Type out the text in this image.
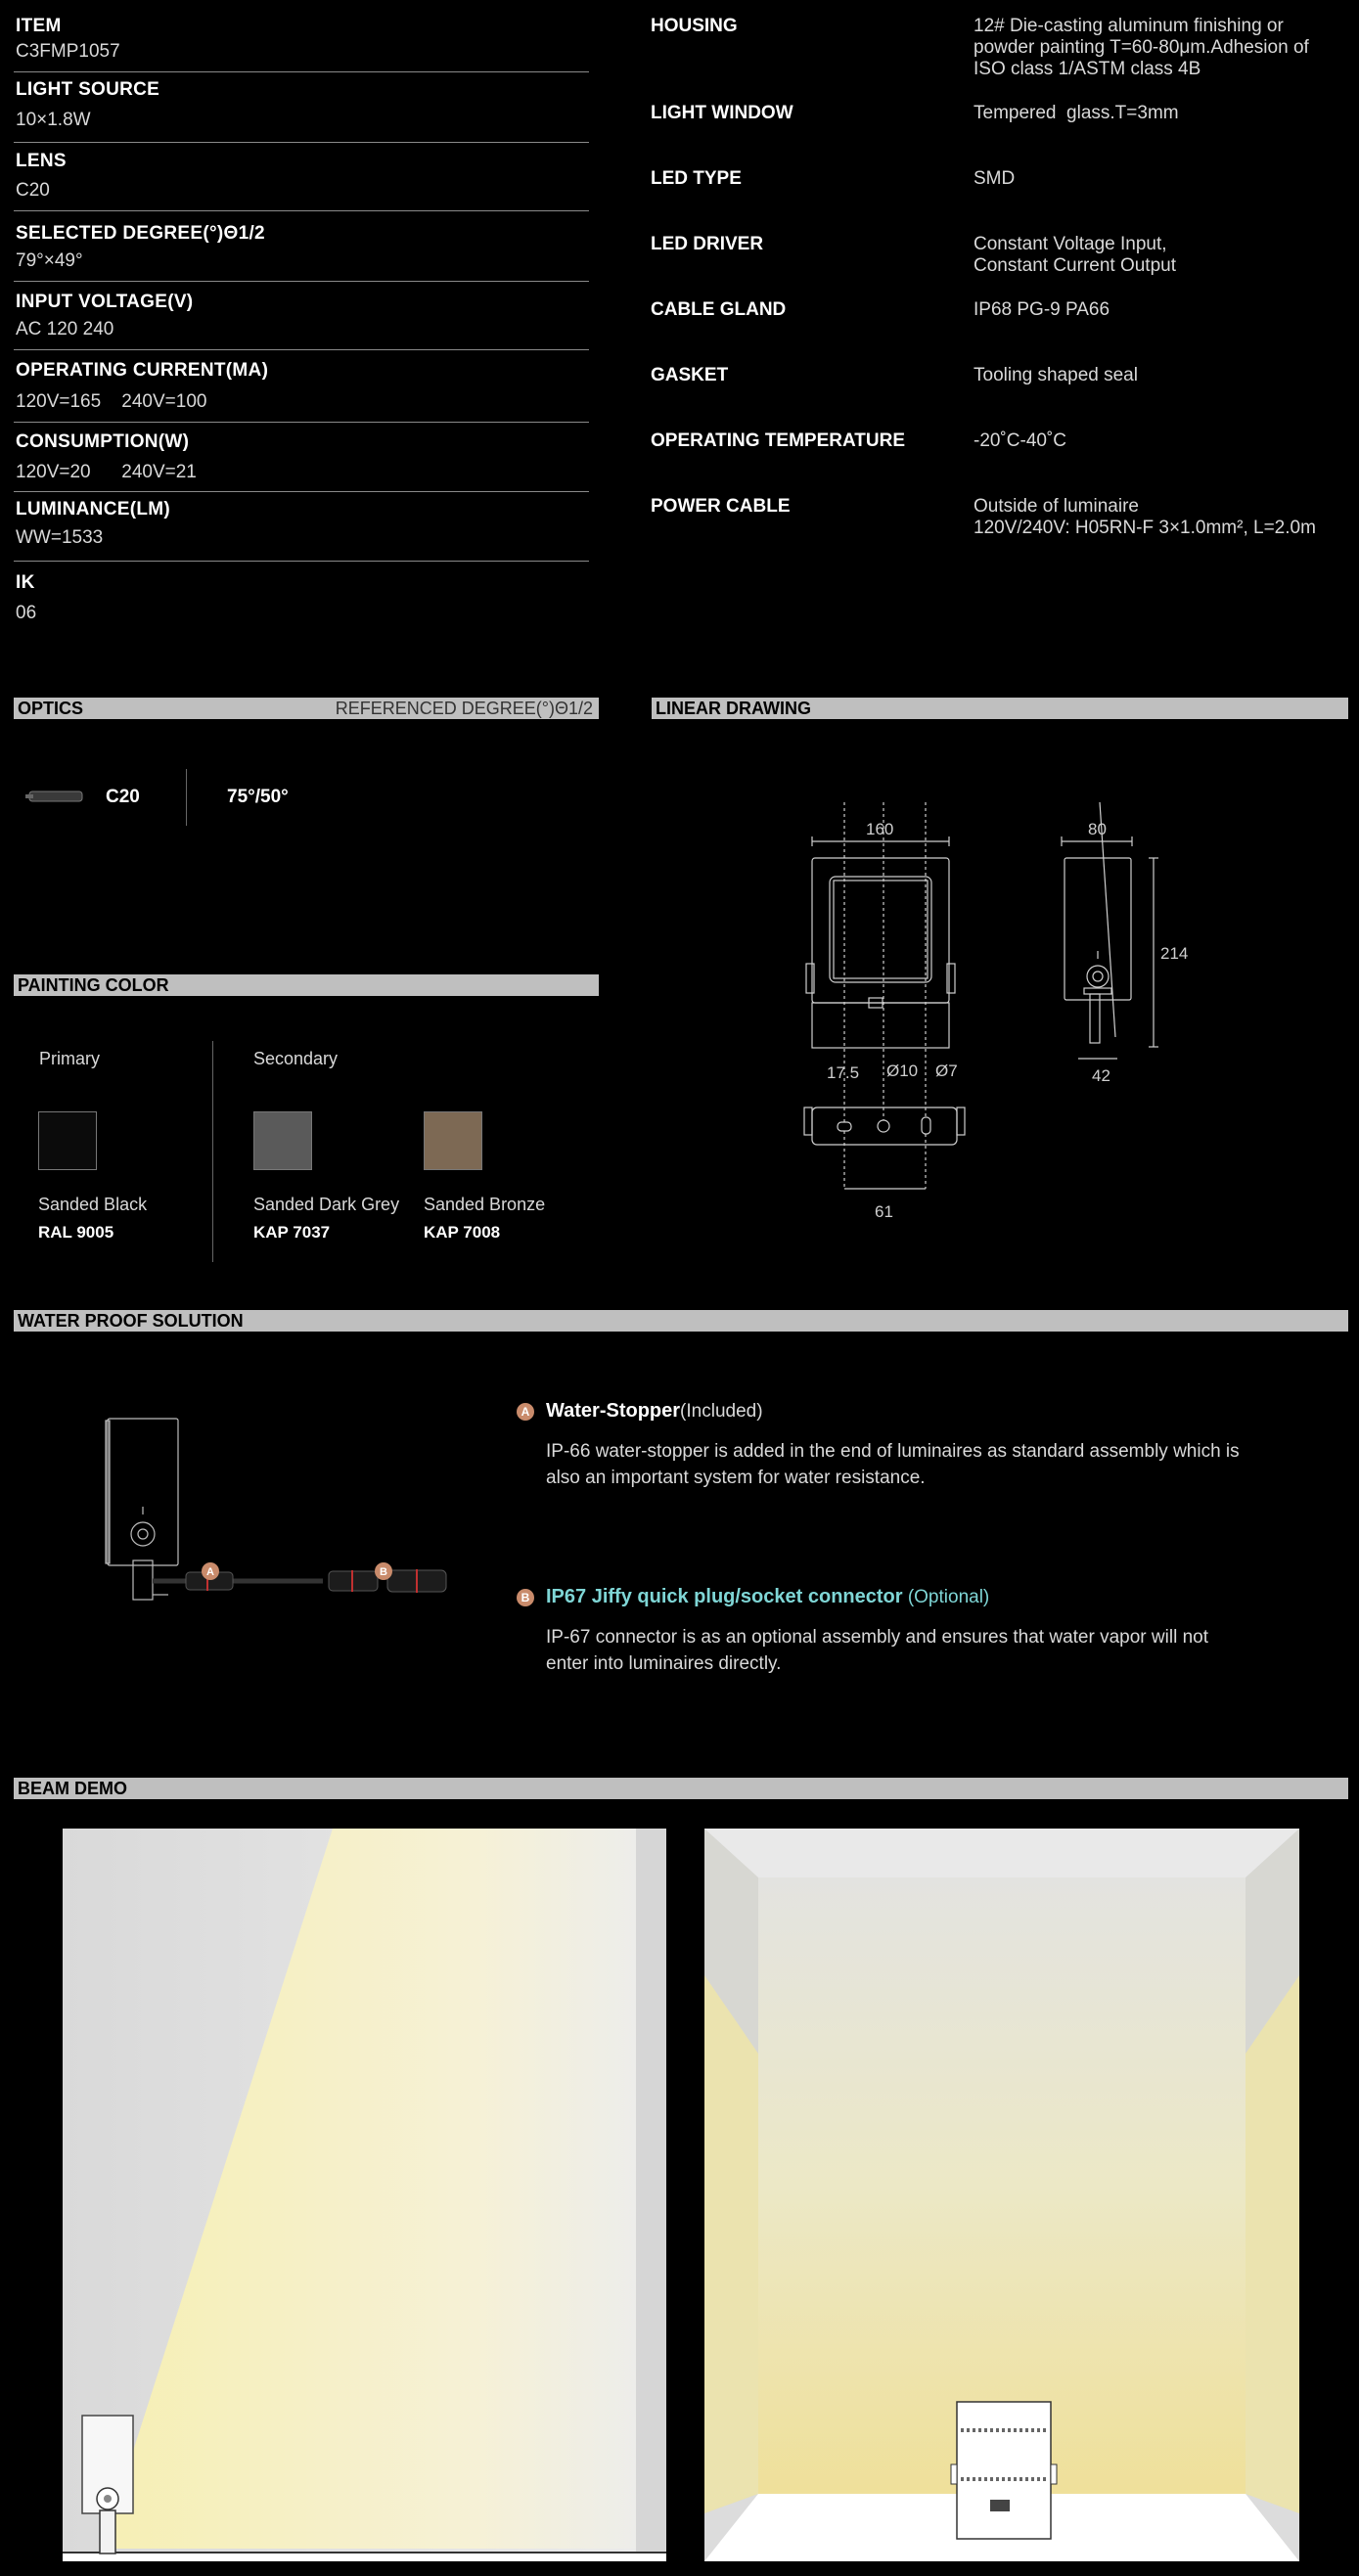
ITEM
C3FMP1057
LIGHT SOURCE
10×1.8W
LENS
C20
SELECTED DEGREE(°)Θ1/2
79°×49°
INPUT VOLTAGE(V)
AC 120 240
OPERATING CURRENT(MA)
120V=165    240V=100
CONSUMPTION(W)
120V=20      240V=21
LUMINANCE(LM)
WW=1533
IK
06
HOUSING	12# Die-casting aluminum finishing or powder painting T=60-80μm.Adhesion of ISO class 1/ASTM class 4B
LIGHT WINDOW	Tempered  glass.T=3mm
LED TYPE	SMD
LED DRIVER	Constant Voltage Input,
Constant Current Output
CABLE GLAND	IP68 PG-9 PA66
GASKET	Tooling shaped seal
OPERATING TEMPERATURE	-20˚C-40˚C
POWER CABLE	Outside of luminaire
120V/240V: H05RN-F 3×1.0mm², L=2.0m
OPTICS	REFERENCED DEGREE(°)Θ1/2
C20	75°/50°
LINEAR DRAWING
160	80
214
42
17.5 Ø10 Ø7
61
PAINTING COLOR
Primary	Secondary
Sanded Black
RAL 9005
Sanded Dark Grey
KAP 7037
Sanded Bronze
KAP 7008
WATER PROOF SOLUTION
A	B
A Water-Stopper(Included)
IP-66 water-stopper is added in the end of luminaires as standard assembly which is also an important system for water resistance.
B IP67 Jiffy quick plug/socket connector (Optional)
IP-67 connector is as an optional assembly and ensures that water vapor will not enter into luminaires directly.
BEAM DEMO
